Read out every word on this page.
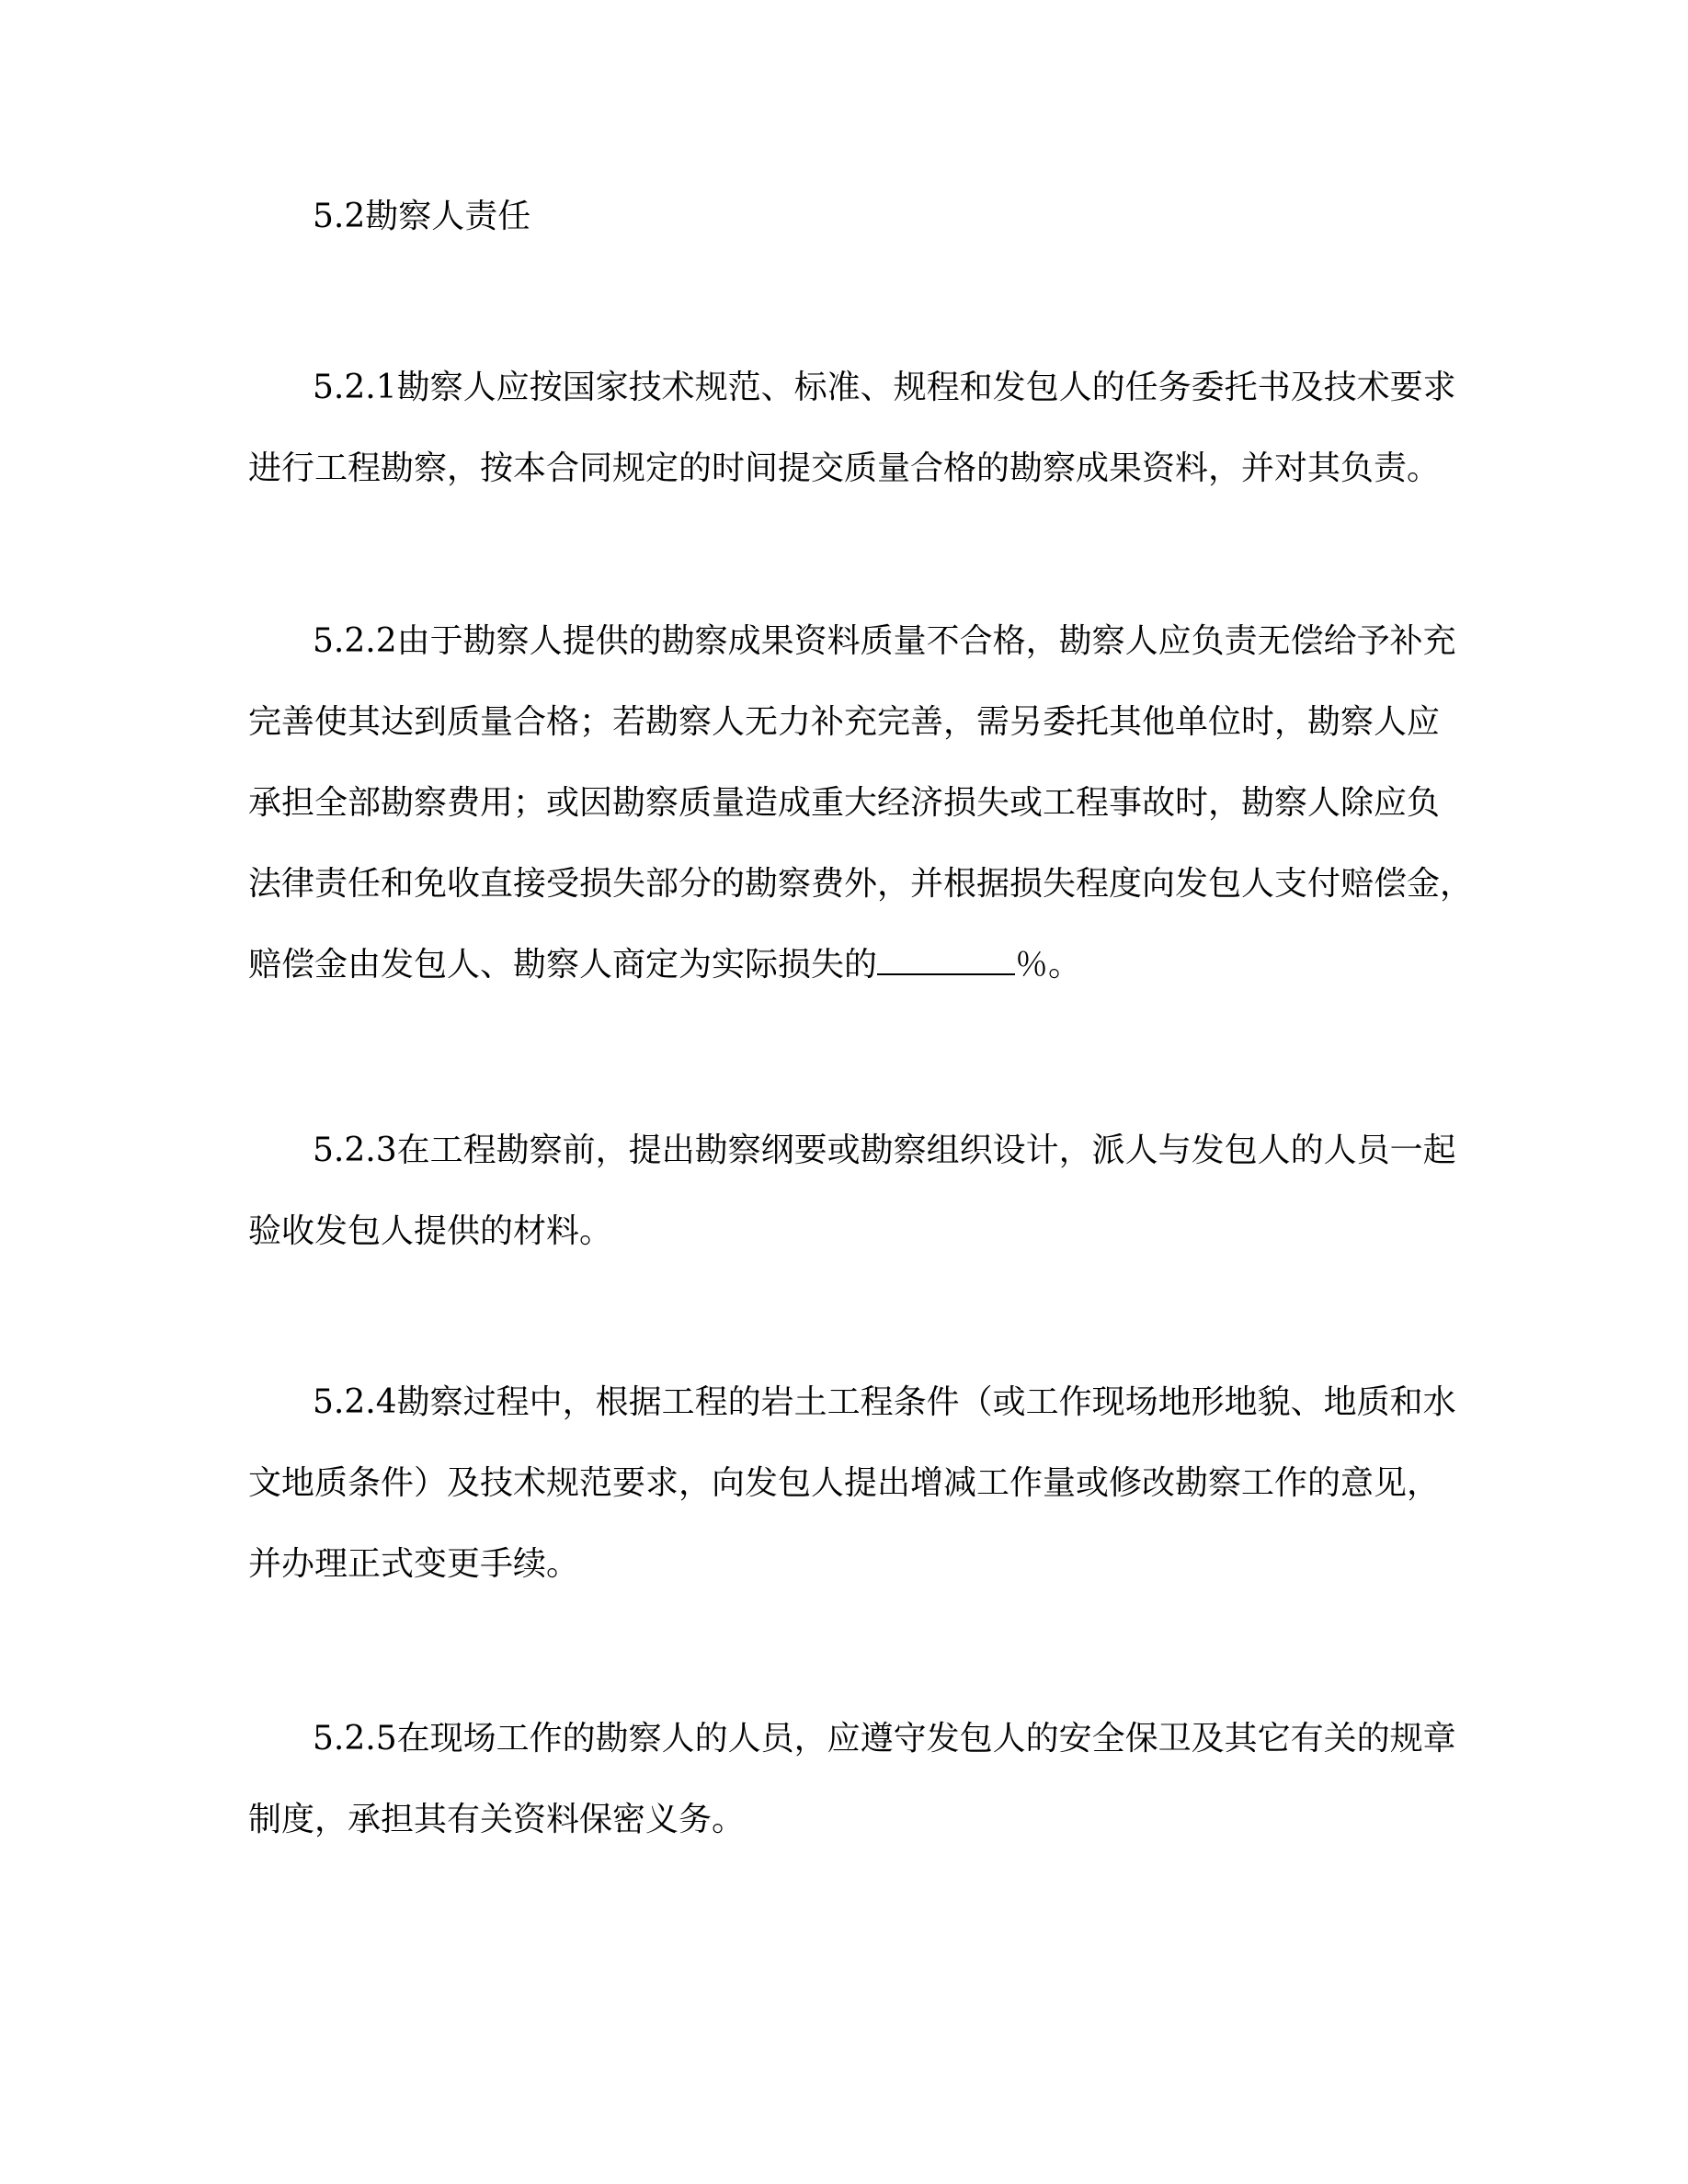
5.2勘察人责任

5.2.1勘察人应按国家技术规范、标准、规程和发包人的任务委托书及技术要求
进行工程勘察，按本合同规定的时间提交质量合格的勘察成果资料，并对其负责。

5.2.2由于勘察人提供的勘察成果资料质量不合格，勘察人应负责无偿给予补充
完善使其达到质量合格；若勘察人无力补充完善，需另委托其他单位时，勘察人应
承担全部勘察费用；或因勘察质量造成重大经济损失或工程事故时，勘察人除应负
法律责任和免收直接受损失部分的勘察费外，并根据损失程度向发包人支付赔偿金，
赔偿金由发包人、勘察人商定为实际损失的	％。

5.2.3在工程勘察前，提出勘察纲要或勘察组织设计，派人与发包人的人员一起
验收发包人提供的材料。

5.2.4勘察过程中，根据工程的岩土工程条件（或工作现场地形地貌、地质和水
文地质条件）及技术规范要求，向发包人提出增减工作量或修改勘察工作的意见，
并办理正式变更手续。

5.2.5在现场工作的勘察人的人员，应遵守发包人的安全保卫及其它有关的规章
制度，承担其有关资料保密义务。
